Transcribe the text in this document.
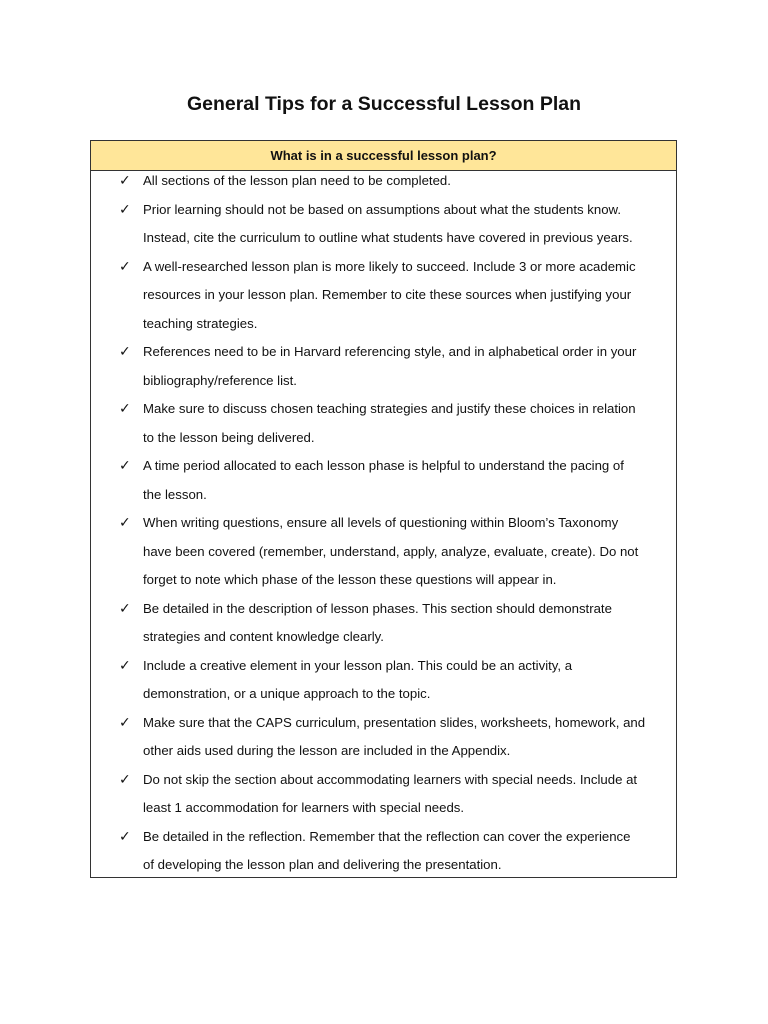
General Tips for a Successful Lesson Plan
What is in a successful lesson plan?
✓ All sections of the lesson plan need to be completed.
✓ Prior learning should not be based on assumptions about what the students know.
Instead, cite the curriculum to outline what students have covered in previous years.
✓ A well-researched lesson plan is more likely to succeed. Include 3 or more academic
resources in your lesson plan. Remember to cite these sources when justifying your
teaching strategies.
✓ References need to be in Harvard referencing style, and in alphabetical order in your
bibliography/reference list.
✓ Make sure to discuss chosen teaching strategies and justify these choices in relation
to the lesson being delivered.
✓ A time period allocated to each lesson phase is helpful to understand the pacing of
the lesson.
✓ When writing questions, ensure all levels of questioning within Bloom’s Taxonomy
have been covered (remember, understand, apply, analyze, evaluate, create). Do not
forget to note which phase of the lesson these questions will appear in.
✓ Be detailed in the description of lesson phases. This section should demonstrate
strategies and content knowledge clearly.
✓ Include a creative element in your lesson plan. This could be an activity, a
demonstration, or a unique approach to the topic.
✓ Make sure that the CAPS curriculum, presentation slides, worksheets, homework, and
other aids used during the lesson are included in the Appendix.
✓ Do not skip the section about accommodating learners with special needs. Include at
least 1 accommodation for learners with special needs.
✓ Be detailed in the reflection. Remember that the reflection can cover the experience
of developing the lesson plan and delivering the presentation.
